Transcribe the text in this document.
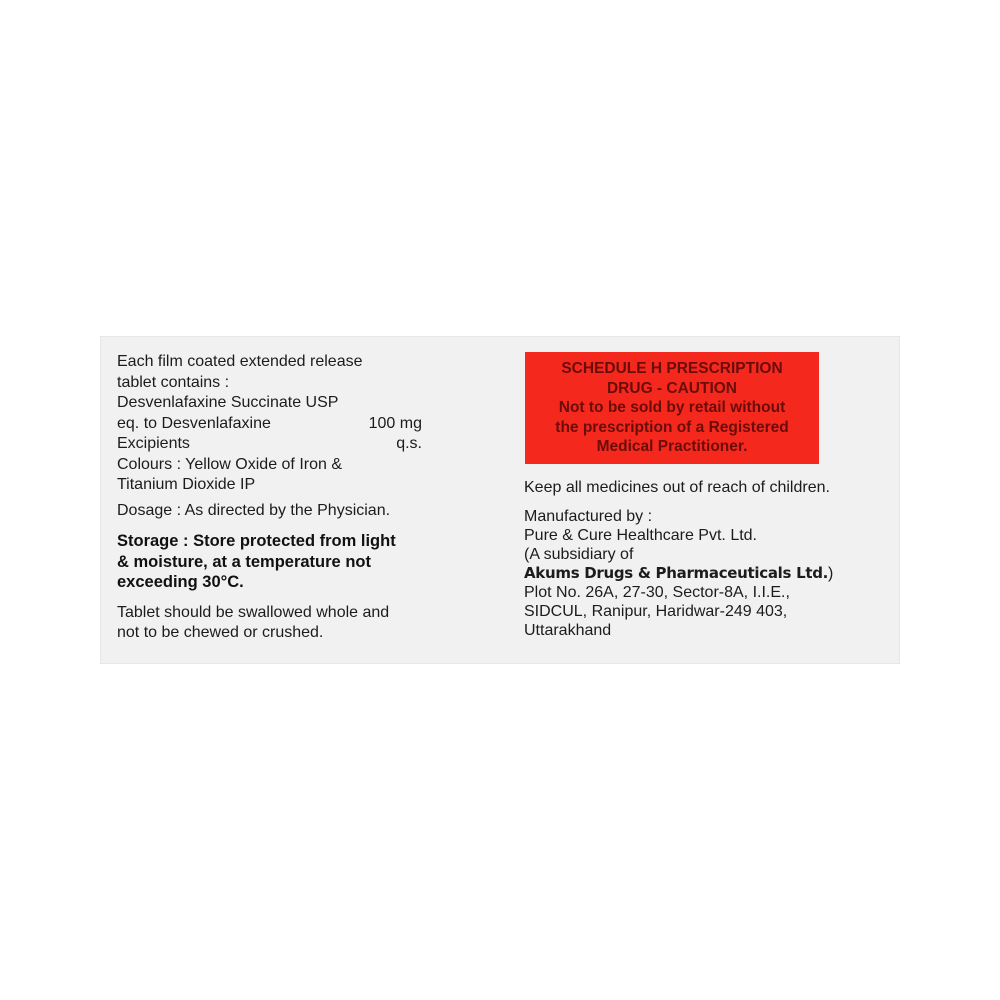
Each film coated extended release

tablet contains :

Desvenlafaxine Succinate USP

eq. to Desvenlafaxine	100 mg
Excipients	q.s.

Colours : Yellow Oxide of Iron &

Titanium Dioxide IP

Dosage : As directed by the Physician.

Storage : Store protected from light

& moisture, at a temperature not

exceeding 30°C.

Tablet should be swallowed whole and

not to be chewed or crushed.

SCHEDULE H PRESCRIPTION
DRUG - CAUTION
Not to be sold by retail without
the prescription of a Registered
Medical Practitioner.

Keep all medicines out of reach of children.

Manufactured by :

Pure & Cure Healthcare Pvt. Ltd.

(A subsidiary of

Akums Drugs & Pharmaceuticals Ltd.)

Plot No. 26A, 27-30, Sector-8A, I.I.E.,

SIDCUL, Ranipur, Haridwar-249 403,

Uttarakhand
